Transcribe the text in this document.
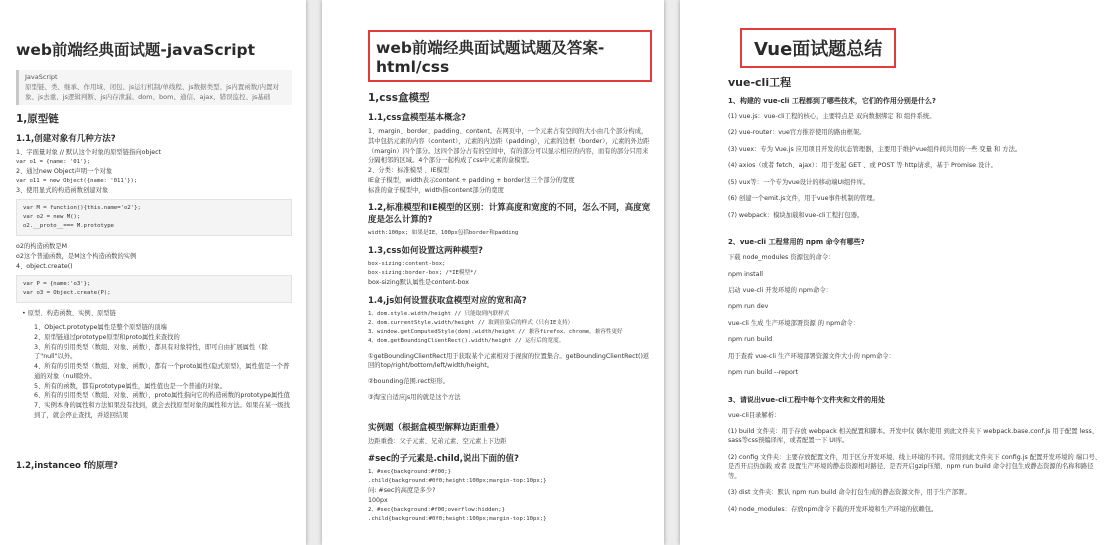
web前端经典面试题-javaScript
JavaScript
原型链、类、继承、作用域、闭包、js运行机制/单线程、js数据类型、js内置函数/内置对象、js去重、js逻辑判断、js内存泄漏、dom、bom、通信、ajax、错误监控、js基础
1,原型链
1.1,创建对象有几种方法?
1、字面量对象 // 默认这个对象的原型链指向object
var o1 = {name: '01'};
2、通过new Object声明一个对象
var o11 = new Object({name: '011'});
3、使用显式的构造函数创建对象
var M = function(){this.name='o2'};
var o2 = new M();
o2.__proto__=== M.prototype
o2的构造函数是M
o2这个普通函数，是M这个构造函数的实例
4、object.create()
var P = {name:'o3'};
var o3 = Object.create(P);
• 原型、构造函数、实例、原型链
1、Object.prototype属性是整个原型链的顶端
2、原型链通过prototype原型和proto属性来查找的
3、所有的引用类型（数组、对象、函数），都具有对象特性，即可自由扩展属性（除了"null"以外。
4、所有的引用类型（数组、对象、函数），都有一个proto属性(隐式原型)，属性值是一个普通的对象（null除外。
5、所有的函数，都有prototype属性，属性值也是一个普通的对象。
6、所有的引用类型（数组、对象、函数），proto属性指向它的构造函数的prototype属性值
7、实例本身的属性和方法如果没有找到，就会去找原型对象的属性和方法。如果在某一级找到了，就会停止查找，并返回结果
1.2,instanceo f的原理?
web前端经典面试题试题及答案-html/css
1,css盒模型
1.1,css盒模型基本概念?
1、margin、border、padding、content。在网页中，一个元素占有空间的大小由几个部分构成，其中包括元素的内容（content），元素的内边距（padding），元素的边框（border），元素的外边距（margin）四个部分。这四个部分占有的空间中，有的部分可以显示相应的内容，而有的部分只用来分隔相邻的区域。4个部分一起构成了css中元素的盒模型。
2、分类：标准模型 、IE模型
IE盒子模型，width表示content + padding + border这三个部分的宽度
标准的盒子模型中，width指content部分的宽度
1.2,标准模型和IE模型的区别：计算高度和宽度的不同，怎么不同，高度宽度是怎么计算的?
width:100px; 如果是IE，100px包括border和padding
1.3,css如何设置这两种模型?
box-sizing:content-box;
box-sizing:border-box; /*IE模型*/
box-sizing默认属性是content-box
1.4,js如何设置获取盒模型对应的宽和高?
1、dom.style.width/height // 只能取到内联样式
2、dom.currentStyle.width/height // 取到渲染后的样式（只有IE支持）
3、window.getComputedStyle(dom).width/height // 兼容firefox、chrome，兼容性更好
4、dom.getBoundingClientRect().width/height // 运行后的宽度。
①getBoundingClientRect用于获取某个元素相对于视窗的位置集合。getBoundingClientRect()返回的top/right/bottom/left/width/height。
②bounding范围.rect矩形。
③淘宝自适应js用的就是这个方法
实例题（根据盒模型解释边距重叠）
边距重叠：父子元素、兄弟元素、空元素上下边距
#sec的子元素是.child,说出下面的值?
1、#sec{background:#f00;}
.child{background:#0f0;height:100px;margin-top:10px;}
问: #sec的高度是多少?
100px
2、#sec{background:#f00;overflow:hidden;}
.child{background:#0f0;height:100px;margin-top:10px;}
Vue面试题总结
vue-cli工程
1、构建的 vue-cli 工程都到了哪些技术，它们的作用分别是什么?
(1) vue.js：vue-cli工程的核心，主要特点是 双向数据绑定 和 组件系统。
(2) vue-router：vue官方推荐使用的路由框架。
(3) vuex：专为 Vue.js 应用项目开发的状态管理器，主要用于维护vue组件间共用的一些 变量 和 方法。
(4) axios（或者 fetch、ajax）：用于发起 GET 、或 POST 等 http请求，基于 Promise 设计。
(5) vux等：一个专为vue设计的移动端UI组件库。
(6) 创建一个emit.js文件，用于vue事件机制的管理。
(7) webpack：模块加载和vue-cli工程打包器。
2、vue-cli 工程常用的 npm 命令有哪些?
下载 node_modules 资源包的命令：
npm install
启动 vue-cli 开发环境的 npm命令：
npm run dev
vue-cli 生成 生产环境部署资源 的 npm命令：
npm run build
用于查看 vue-cli 生产环境部署资源文件大小的 npm命令：
npm run build --report
3、请说出vue-cli工程中每个文件夹和文件的用处
vue-cli目录解析：
(1) build 文件夹：用于存放 webpack 相关配置和脚本。开发中仅 偶尔使用 到此文件夹下 webpack.base.conf.js 用于配置 less、sass等css预编译库，或者配置一下 UI库。
(2) config 文件夹：主要存放配置文件，用于区分开发环境、线上环境的不同。常用到此文件夹下 config.js 配置开发环境的 端口号、是否开启热加载 或者 设置生产环境的静态资源相对路径、是否开启gzip压缩、npm run build 命令打包生成静态资源的名称和路径等。
(3) dist 文件夹：默认 npm run build 命令打包生成的静态资源文件，用于生产部署。
(4) node_modules：存放npm命令下载的开发环境和生产环境的依赖包。
